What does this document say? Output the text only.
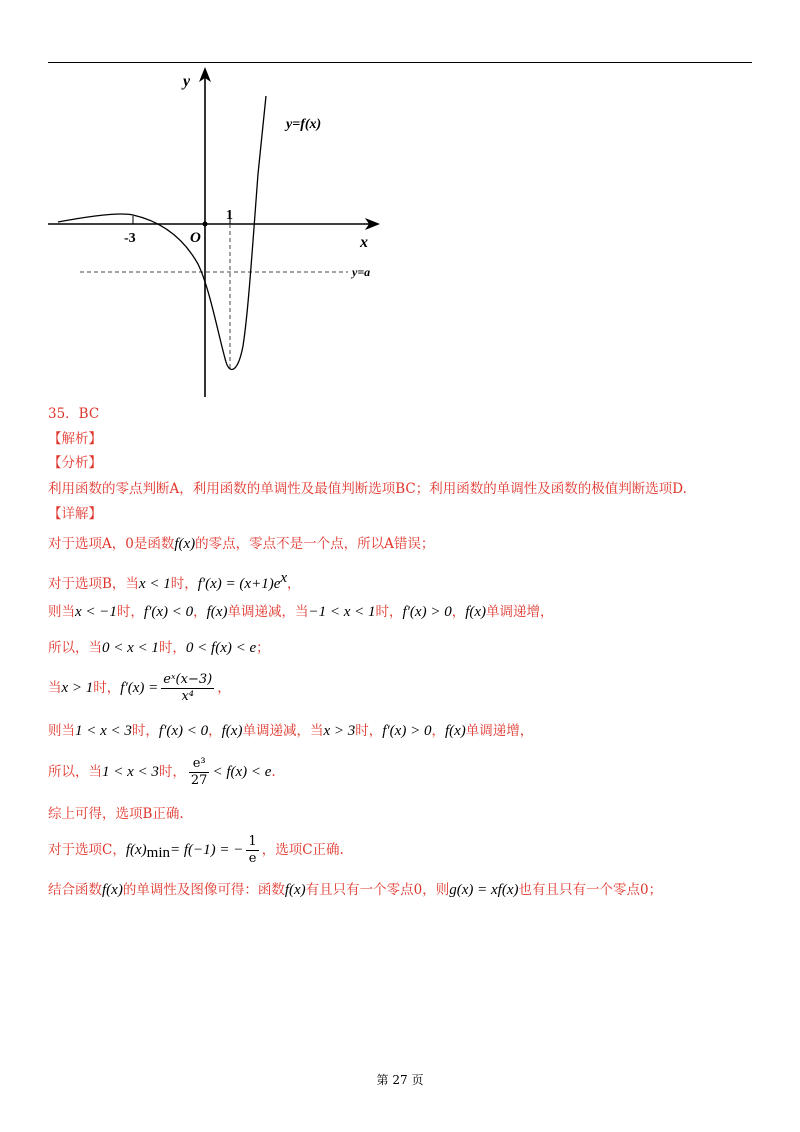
y
x
O
-3
1
y=f(x)
y=a
35．BC
【解析】
【分析】
利用函数的零点判断A，利用函数的单调性及最值判断选项BC；利用函数的单调性及函数的极值判断选项D.
【详解】
对于选项A，0是函数f(x)的零点，零点不是一个点，所以A错误；
对于选项B，当x < 1时，$f'(x) = (x+1)e^x$，
则当x < −1时，f′(x) < 0，f(x)单调递减，当−1 < x < 1时，f′(x) > 0，f(x)单调递增，
所以，当0 < x < 1时，0 < f(x) < e；
当x > 1时，$f'(x) = \frac{\text{eˣ(x−3)}}{\text{x⁴}}$ ，
则当1 < x < 3时，f′(x) < 0，f(x)单调递减，当x > 3时，f′(x) > 0，f(x)单调递增，
所以，当1 < x < 3时， $\frac{\text{e³}}{27} < f(x) < e$.
综上可得，选项B正确.
对于选项C，$f(x)_{min}= f(-1)$ = − $\frac{1}{e}$ ，选项C正确.
结合函数f(x)的单调性及图像可得：函数f(x)有且只有一个零点0，则g(x) = xf(x)也有且只有一个零点0；
第 27 页
